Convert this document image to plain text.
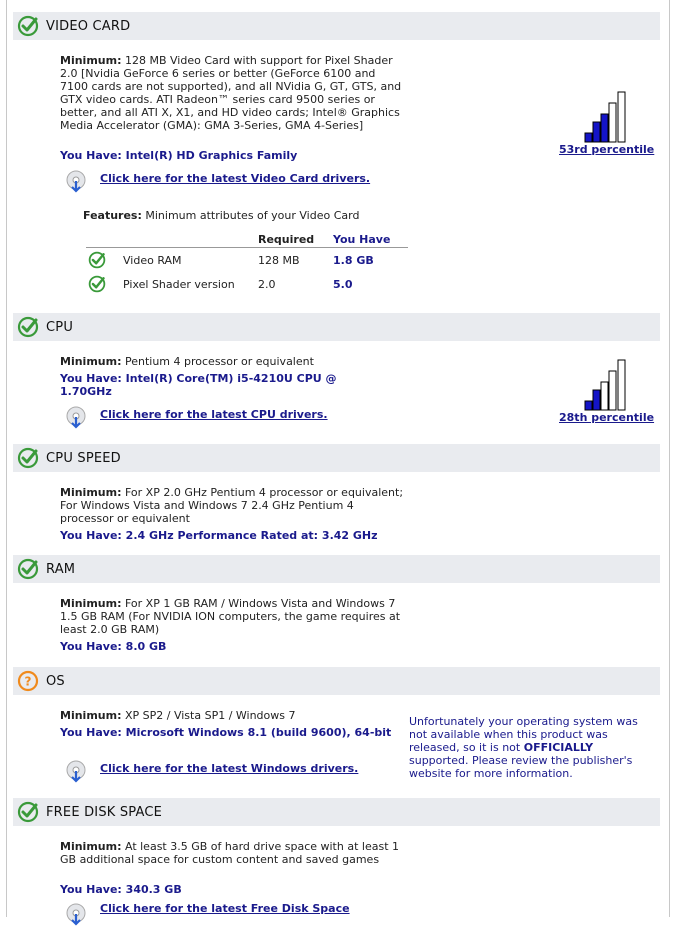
VIDEO CARD
Minimum: 128 MB Video Card with support for Pixel Shader 2.0 [Nvidia GeForce 6 series or better (GeForce 6100 and 7100 cards are not supported), and all NVidia G, GT, GTS, and GTX video cards. ATI Radeon™ series card 9500 series or better, and all ATI X, X1, and HD video cards; Intel® Graphics Media Accelerator (GMA): GMA 3-Series, GMA 4-Series]
You Have: Intel(R) HD Graphics Family
Click here for the latest Video Card drivers.
53rd percentile
Features: Minimum attributes of your Video Card
Required You Have
Video RAM	128 MB	1.8 GB
Pixel Shader version 2.0	5.0
CPU
Minimum: Pentium 4 processor or equivalent
You Have: Intel(R) Core(TM) i5-4210U CPU @ 1.70GHz
Click here for the latest CPU drivers.	28th percentile
CPU SPEED
Minimum: For XP 2.0 GHz Pentium 4 processor or equivalent; For Windows Vista and Windows 7 2.4 GHz Pentium 4 processor or equivalent
You Have: 2.4 GHz Performance Rated at: 3.42 GHz
RAM
Minimum: For XP 1 GB RAM / Windows Vista and Windows 7 1.5 GB RAM (For NVIDIA ION computers, the game requires at least 2.0 GB RAM)
You Have: 8.0 GB
? OS
Minimum: XP SP2 / Vista SP1 / Windows 7
You Have: Microsoft Windows 8.1 (build 9600), 64-bit
Click here for the latest Windows drivers.
Unfortunately your operating system was not available when this product was released, so it is not OFFICIALLY supported. Please review the publisher's website for more information.
FREE DISK SPACE
Minimum: At least 3.5 GB of hard drive space with at least 1 GB additional space for custom content and saved games
You Have: 340.3 GB
Click here for the latest Free Disk Space
